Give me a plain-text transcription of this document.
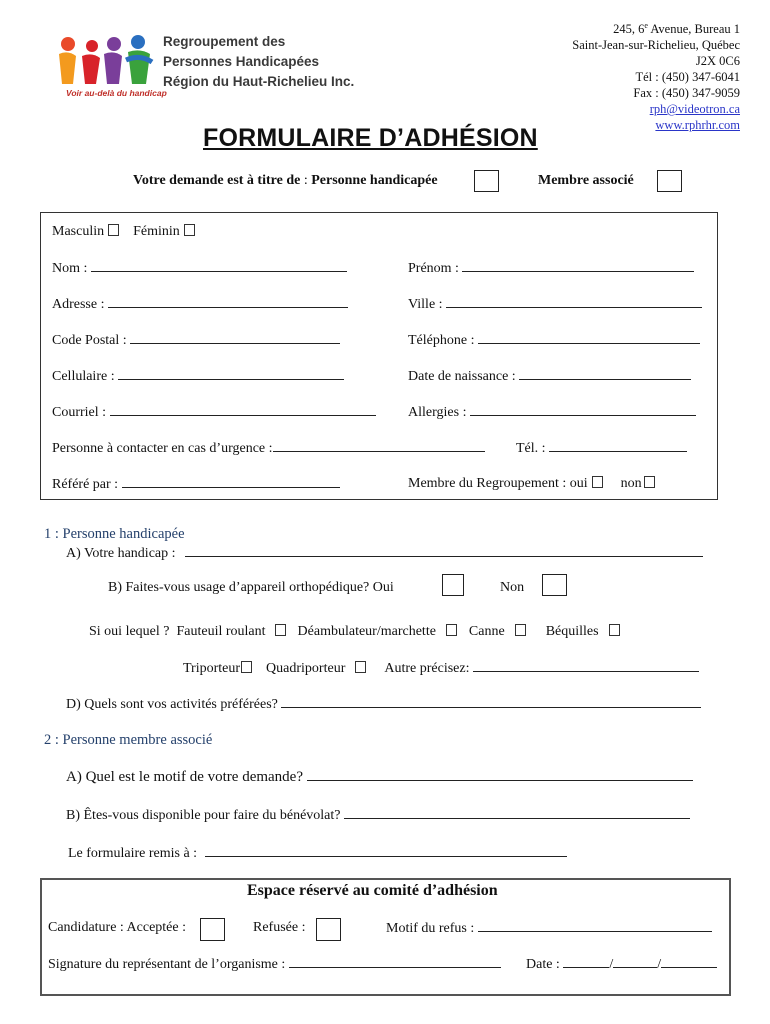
Regroupement des
Personnes Handicapées
Région du Haut-Richelieu Inc.
Voir au-delà du handicap
245, 6e Avenue, Bureau 1
Saint-Jean-sur-Richelieu, Québec
J2X 0C6
Tél : (450) 347-6041
Fax : (450) 347-9059
rph@videotron.ca
www.rphrhr.com
FORMULAIRE D’ADHÉSION
Votre demande est à titre de : Personne handicapée	Membre associé
Masculin Féminin
Nom :	Prénom :
Adresse :	Ville :
Code Postal :	Téléphone :
Cellulaire :	Date de naissance :
Courriel :	Allergies :
Personne à contacter en cas d’urgence :	Tél. :
Référé par :	Membre du Regroupement : oui non
1 : Personne handicapée
A) Votre handicap :
B) Faites-vous usage d’appareil orthopédique? Oui	Non
Si oui lequel ? Fauteuil roulant Déambulateur/marchette Canne	Béquilles
Triporteur Quadriporteur	Autre précisez:
D) Quels sont vos activités préférées?
2 : Personne membre associé
A) Quel est le motif de votre demande?
B) Êtes-vous disponible pour faire du bénévolat?
Le formulaire remis à :
Espace réservé au comité d’adhésion
Candidature : Acceptée :	Refusée :	Motif du refus :
Signature du représentant de l’organisme :	Date :	/	/
